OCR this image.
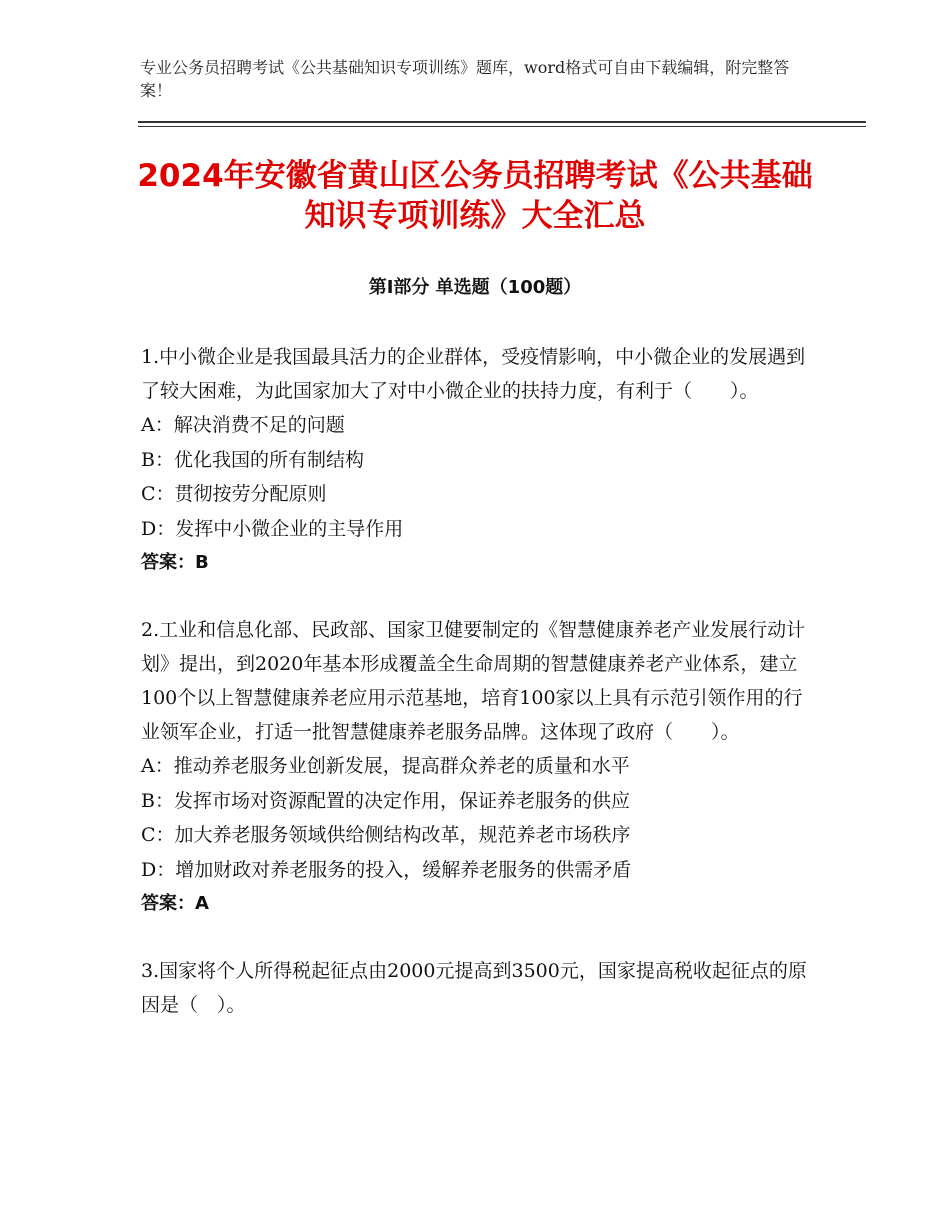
专业公务员招聘考试《公共基础知识专项训练》题库，word格式可自由下载编辑，附完整答案！
2024年安徽省黄山区公务员招聘考试《公共基础知识专项训练》大全汇总
第Ⅰ部分 单选题（100题）

1.中小微企业是我国最具活力的企业群体，受疫情影响，中小微企业的发展遇到了较大困难，为此国家加大了对中小微企业的扶持力度，有利于（　　）。

A：解决消费不足的问题

B：优化我国的所有制结构

C：贯彻按劳分配原则

D：发挥中小微企业的主导作用

答案：B

2.工业和信息化部、民政部、国家卫健要制定的《智慧健康养老产业发展行动计划》提出，到2020年基本形成覆盖全生命周期的智慧健康养老产业体系，建立100个以上智慧健康养老应用示范基地，培育100家以上具有示范引领作用的行业领军企业，打适一批智慧健康养老服务品牌。这体现了政府（　　）。

A：推动养老服务业创新发展，提高群众养老的质量和水平

B：发挥市场对资源配置的决定作用，保证养老服务的供应

C：加大养老服务领域供给侧结构改革，规范养老市场秩序

D：增加财政对养老服务的投入，缓解养老服务的供需矛盾

答案：A

3.国家将个人所得税起征点由2000元提高到3500元，国家提高税收起征点的原因是（　）。
